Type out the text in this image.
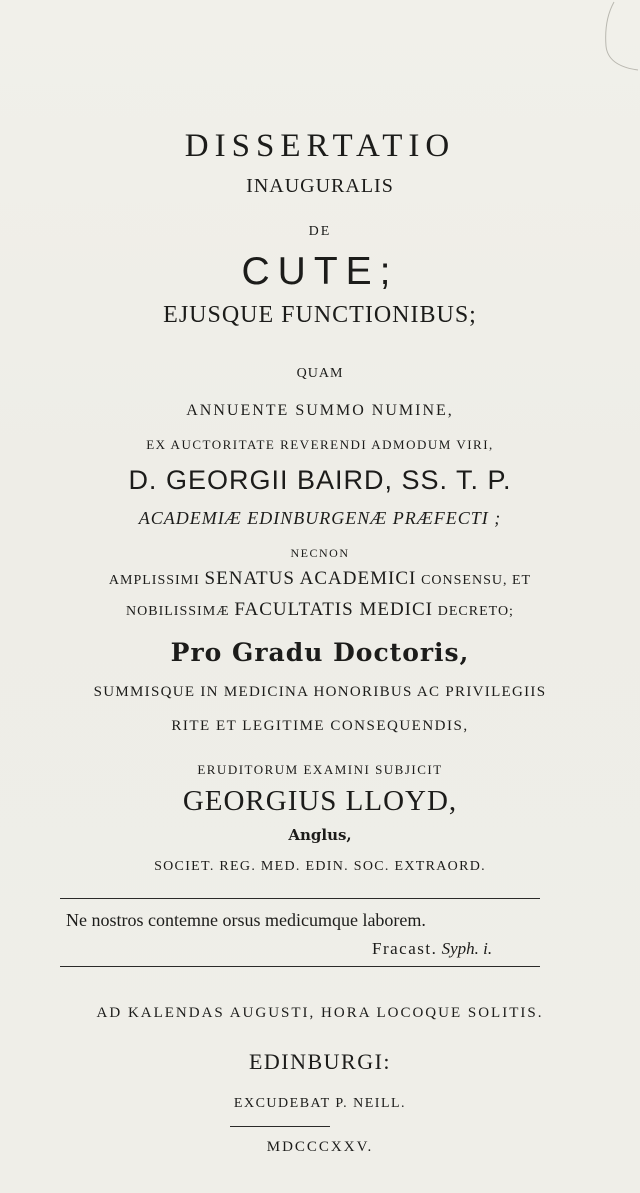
DISSERTATIO
INAUGURALIS
DE
CUTE;
EJUSQUE FUNCTIONIBUS;
QUAM
ANNUENTE SUMMO NUMINE,
EX AUCTORITATE REVERENDI ADMODUM VIRI,
D. GEORGII BAIRD, SS. T. P.
ACADEMIÆ EDINBURGENÆ PRÆFECTI ;
NECNON
AMPLISSIMI SENATUS ACADEMICI CONSENSU, ET
NOBILISSIMÆ FACULTATIS MEDICI DECRETO;
Pro Gradu Doctoris,
SUMMISQUE IN MEDICINA HONORIBUS AC PRIVILEGIIS
RITE ET LEGITIME CONSEQUENDIS,
ERUDITORUM EXAMINI SUBJICIT
GEORGIUS LLOYD,
Anglus,
SOCIET. REG. MED. EDIN. SOC. EXTRAORD.
Ne nostros contemne orsus medicumque laborem.
Fracast. Syph. i.
AD KALENDAS AUGUSTI, HORA LOCOQUE SOLITIS.
EDINBURGI:
EXCUDEBAT P. NEILL.
MDCCCXXV.
